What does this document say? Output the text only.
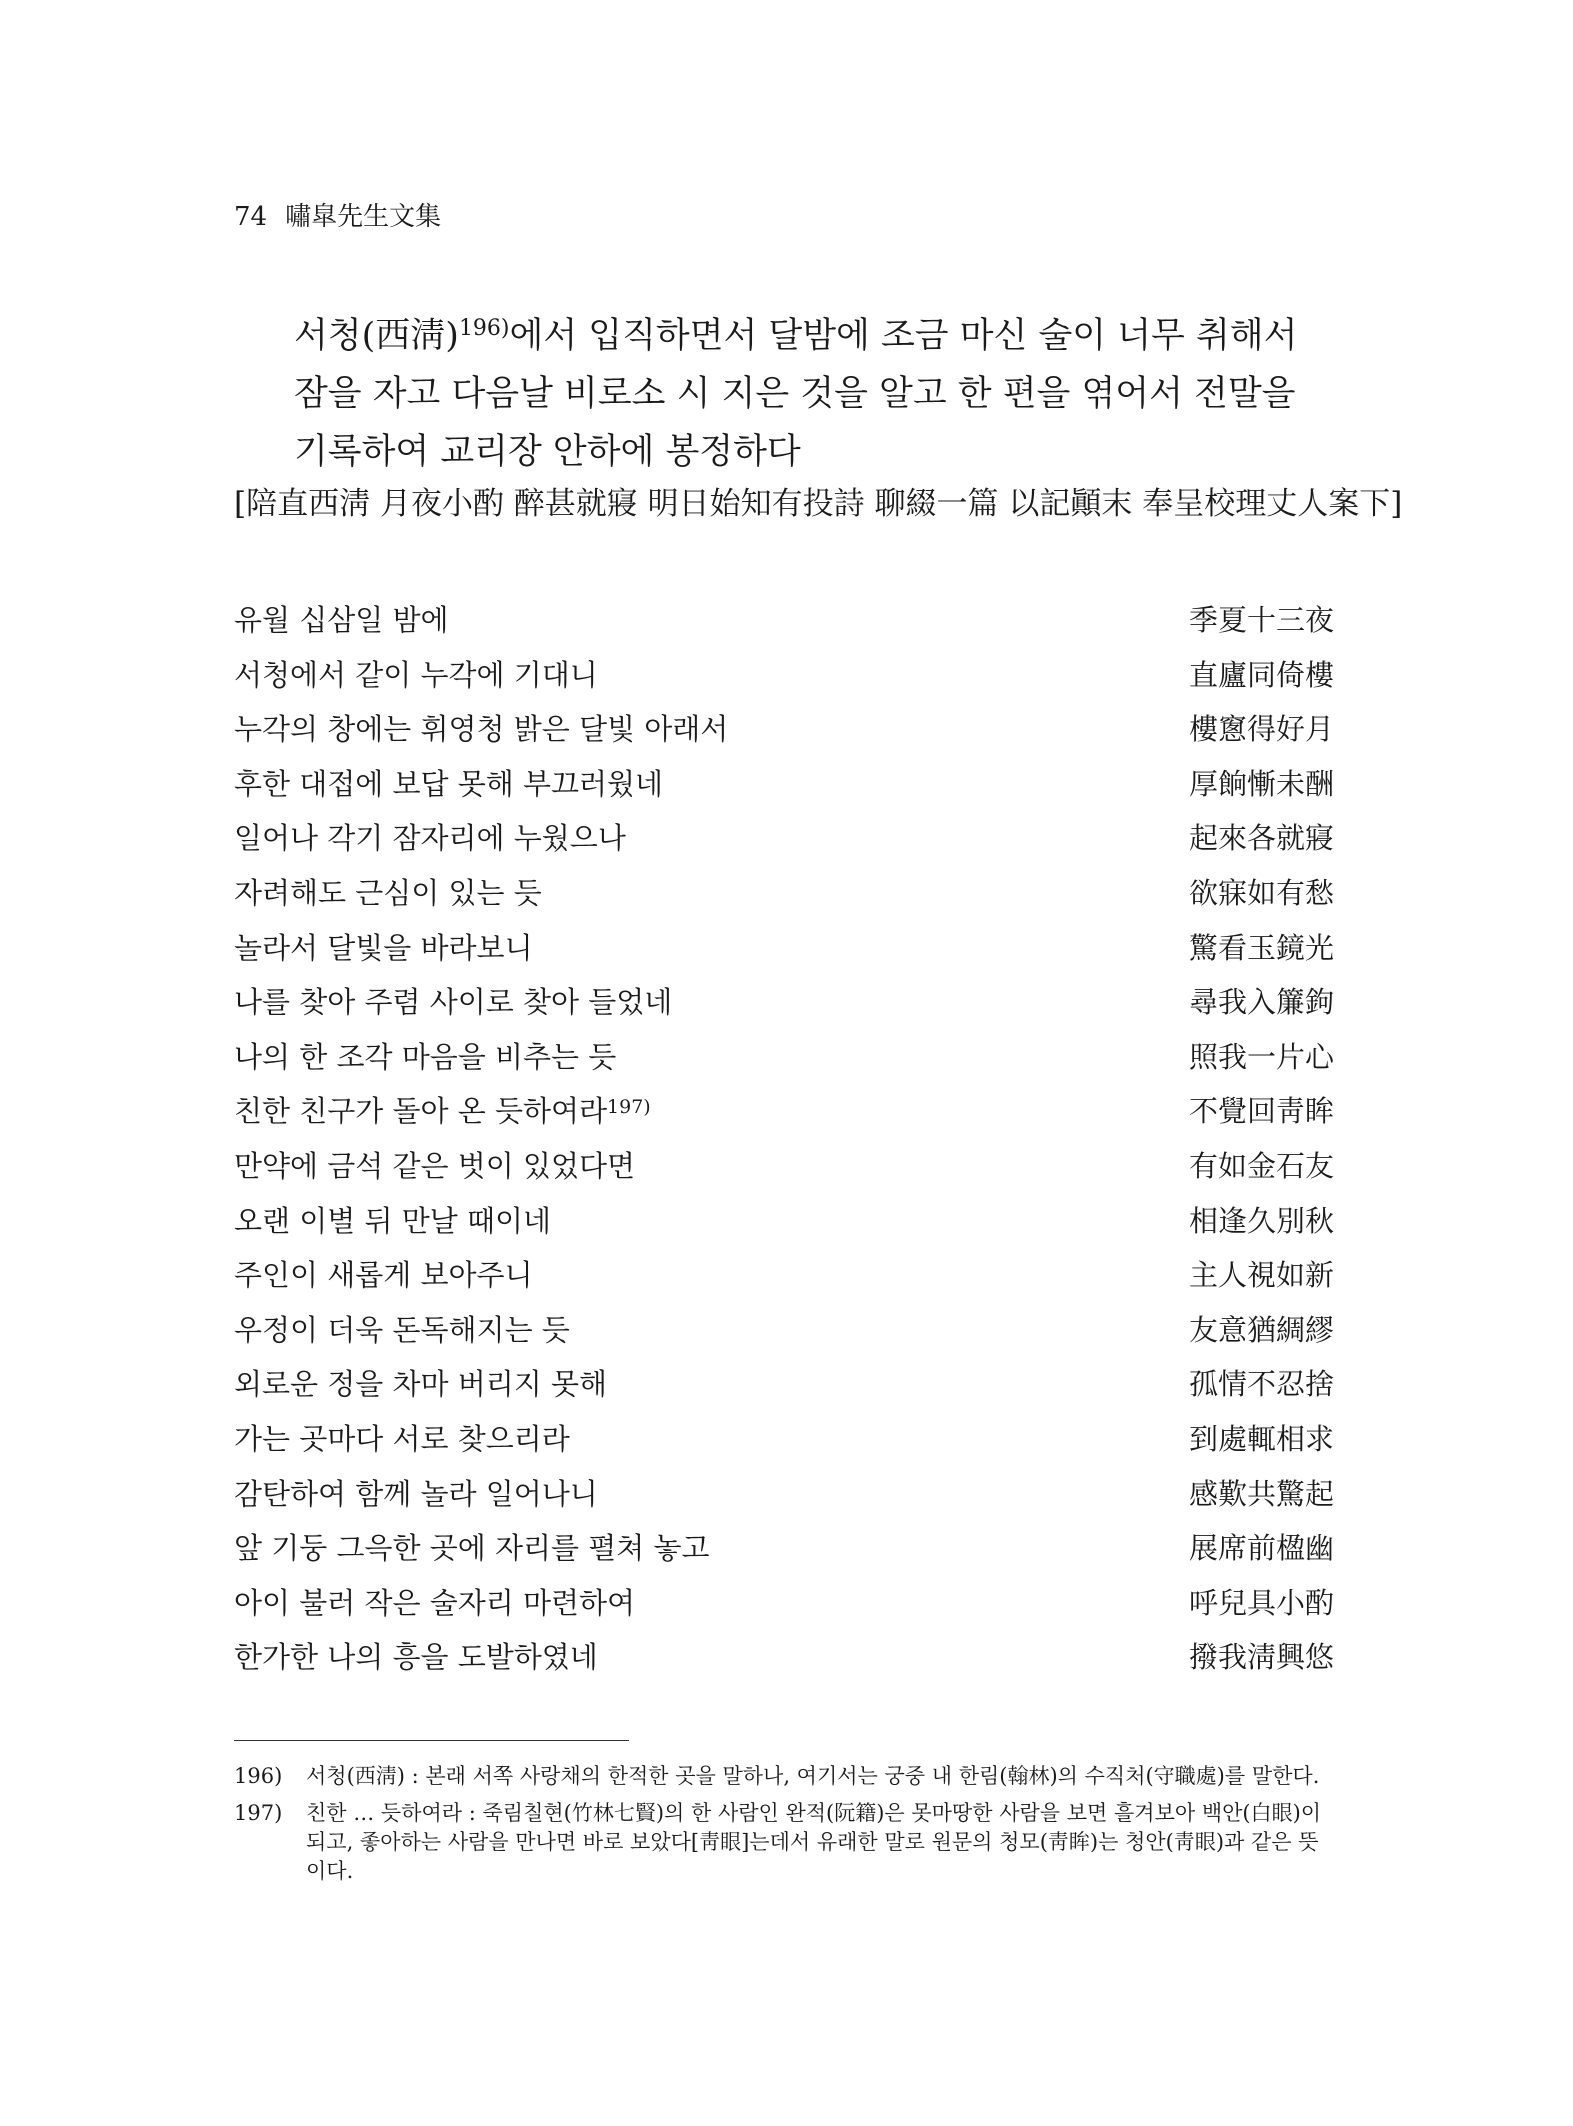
74 嘯皐先生文集
서청(西淸)$^{196)}$에서 입직하면서 달밤에 조금 마신 술이 너무 취해서 잠을 자고 다음날 비로소 시 지은 것을 알고 한 편을 엮어서 전말을 기록하여 교리장 안하에 봉정하다
[陪直西淸 月夜小酌 醉甚就寢 明日始知有投詩 聊綴一篇 以記顚末 奉呈校理丈人案下]
유월 십삼일 밤에	季夏十三夜
서청에서 같이 누각에 기대니	直廬同倚樓
누각의 창에는 휘영청 밝은 달빛 아래서	樓窻得好月
후한 대접에 보답 못해 부끄러웠네	厚餉慚未酬
일어나 각기 잠자리에 누웠으나	起來各就寢
자려해도 근심이 있는 듯	欲寐如有愁
놀라서 달빛을 바라보니	驚看玉鏡光
나를 찾아 주렴 사이로 찾아 들었네	尋我入簾鉤
나의 한 조각 마음을 비추는 듯	照我一片心
친한 친구가 돌아 온 듯하여라$^{197)}$	不覺回靑眸
만약에 금석 같은 벗이 있었다면	有如金石友
오랜 이별 뒤 만날 때이네	相逢久別秋
주인이 새롭게 보아주니	主人視如新
우정이 더욱 돈독해지는 듯	友意猶綢繆
외로운 정을 차마 버리지 못해	孤情不忍捨
가는 곳마다 서로 찾으리라	到處輒相求
감탄하여 함께 놀라 일어나니	感歎共驚起
앞 기둥 그윽한 곳에 자리를 펼쳐 놓고	展席前楹幽
아이 불러 작은 술자리 마련하여	呼兒具小酌
한가한 나의 흥을 도발하였네	撥我淸興悠
196)	서청(西淸) : 본래 서쪽 사랑채의 한적한 곳을 말하나, 여기서는 궁중 내 한림(翰林)의 수직처(守職處)를 말한다.
197)	친한 … 듯하여라 : 죽림칠현(竹林七賢)의 한 사람인 완적(阮籍)은 못마땅한 사람을 보면 흘겨보아 백안(白眼)이 되고, 좋아하는 사람을 만나면 바로 보았다[靑眼]는데서 유래한 말로 원문의 청모(靑眸)는 청안(靑眼)과 같은 뜻이다.
